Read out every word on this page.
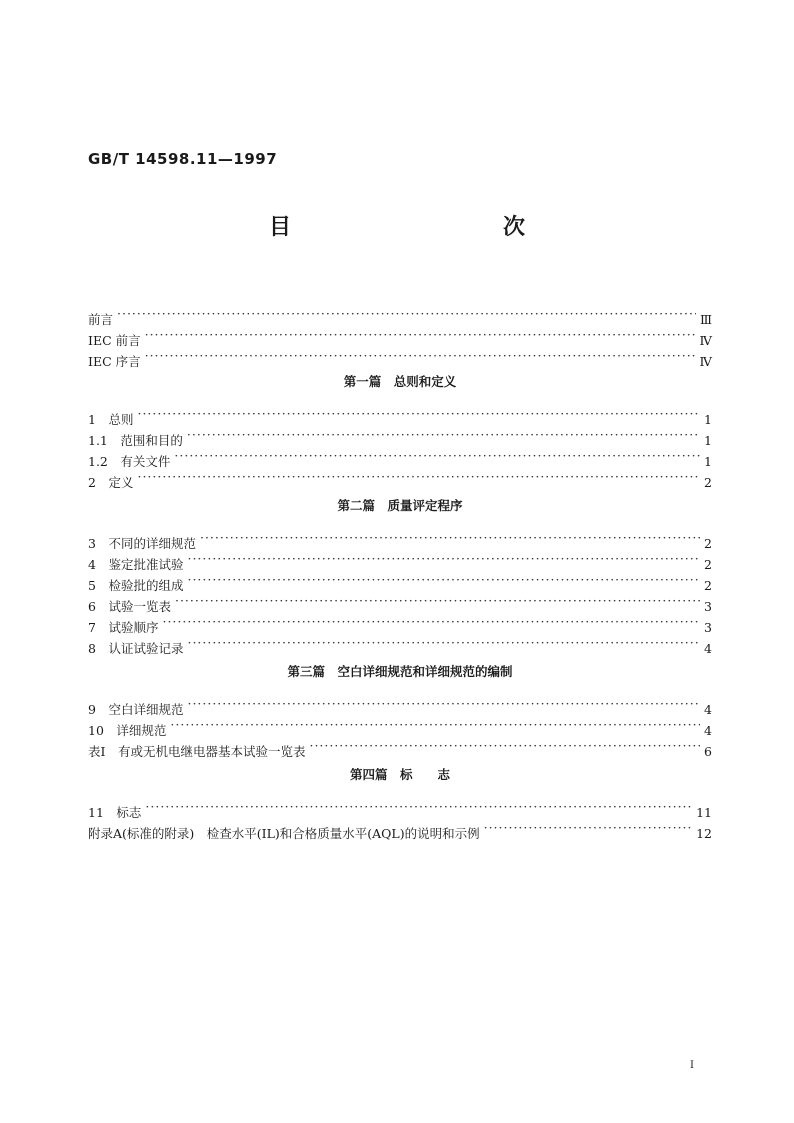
GB/T 14598.11—1997
目　　次
前言 ·····	Ⅲ
IEC 前言 ·····	Ⅳ
IEC 序言 ·····	Ⅳ
第一篇　总则和定义
1　 总则 ·····	1
1.1　 范围和目的 ·····	1
1.2　 有关文件 ·····	1
2　 定义 ·····	2
第二篇　质量评定程序
3　 不同的详细规范 ·····	2
4　 鉴定批准试验 ·····	2
5　 检验批的组成 ·····	2
6　 试验一览表 ·····	3
7　 试验顺序 ·····	3
8　 认证试验记录 ·····	4
第三篇　空白详细规范和详细规范的编制
9　 空白详细规范 ·····	4
10　 详细规范 ·····	4
表Ⅰ　 有或无机电继电器基本试验一览表 ·····	6
第四篇　标　　志
11　 标志 ·····	11
附录A(标准的附录)　检查水平(IL)和合格质量水平(AQL)的说明和示例 ·····	12
Ⅰ
